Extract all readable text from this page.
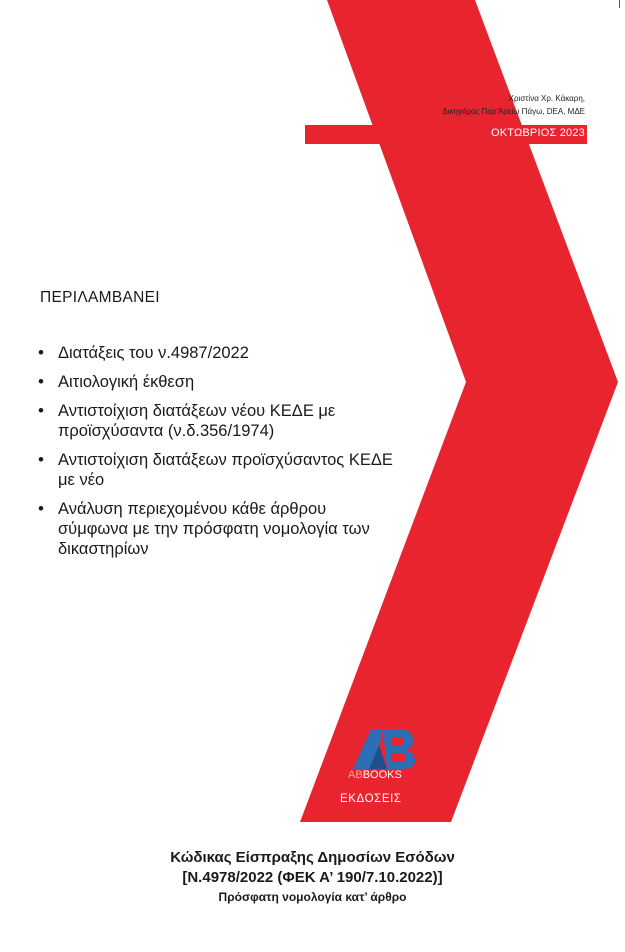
Χριστίνα Χρ. Κάκαρη,
Δικηγόρος Παρ'Αρείω Πάγω, DEA, ΜΔΕ
ΟΚΤΩΒΡΙΟΣ 2023
ΠΕΡΙΛΑΜΒΑΝΕΙ
• Διατάξεις του ν.4987/2022
• Αιτιολογική έκθεση
• Αντιστοίχιση διατάξεων νέου ΚΕΔΕ με προϊσχύσαντα (ν.δ.356/1974)
• Αντιστοίχιση διατάξεων προϊσχύσαντος ΚΕΔΕ με νέο
• Ανάλυση περιεχομένου κάθε άρθρου σύμφωνα με την πρόσφατη νομολογία των δικαστηρίων
ABBOOKS
ΕΚΔΟΣΕΙΣ
Κώδικας Είσπραξης Δημοσίων Εσόδων
[Ν.4978/2022 (ΦΕΚ Α’ 190/7.10.2022)]
Πρόσφατη νομολογία κατ’ άρθρο
